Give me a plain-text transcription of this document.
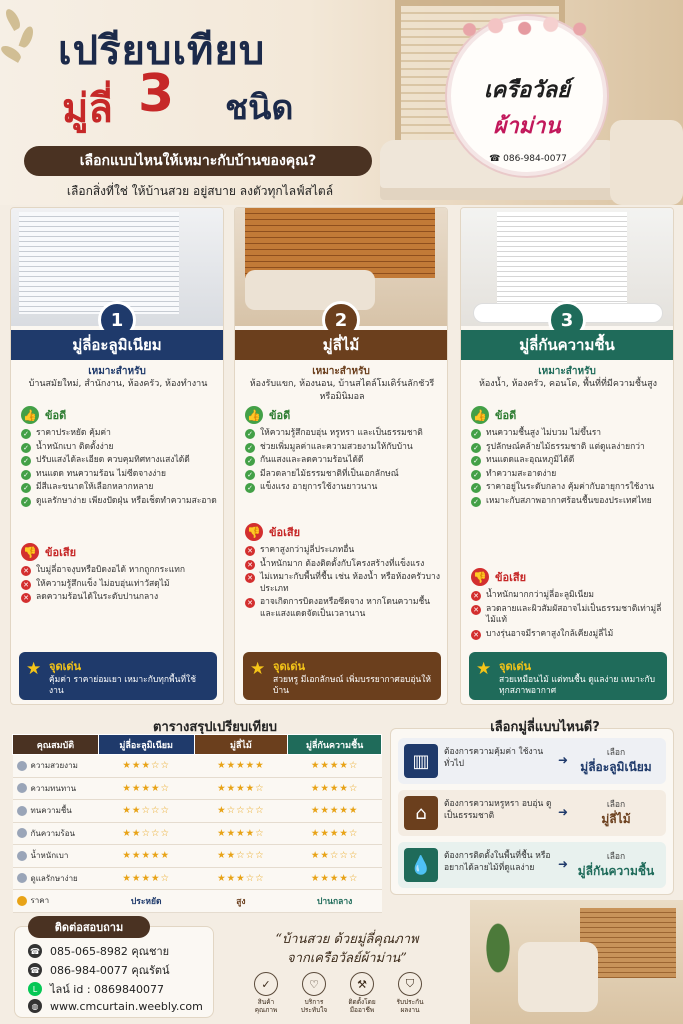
เปรียบเทียบ
มู่ลี่ 3 ชนิด
เลือกแบบไหนให้เหมาะกับบ้านของคุณ?
เลือกสิ่งที่ใช่ ให้บ้านสวย อยู่สบาย ลงตัวทุกไลฟ์สไตล์
เครือวัลย์
ผ้าม่าน
☎ 086-984-0077
1
มู่ลี่อะลูมิเนียม
เหมาะสำหรับ
บ้านสมัยใหม่, สำนักงาน, ห้องครัว, ห้องทำงาน
👍 ข้อดี
✓ ราคาประหยัด คุ้มค่า
✓ น้ำหนักเบา ติดตั้งง่าย
✓ ปรับแสงได้ละเอียด ควบคุมทิศทางแสงได้ดี
✓ ทนแดด ทนความร้อน ไม่ซีดจางง่าย
✓ มีสีและขนาดให้เลือกหลากหลาย
✓ ดูแลรักษาง่าย เพียงปัดฝุ่น หรือเช็ดทำความสะอาด
👎 ข้อเสีย
✕ ใบมู่ลี่อาจงุบหรือบิดงอได้ หากถูกกระแทก
✕ ให้ความรู้สึกแข็ง ไม่อบอุ่นเท่าวัสดุไม้
✕ ลดความร้อนได้ในระดับปานกลาง
★ จุดเด่น
คุ้มค่า ราคาย่อมเยา เหมาะกับทุกพื้นที่ใช้งาน
2
มู่ลี่ไม้
เหมาะสำหรับ
ห้องรับแขก, ห้องนอน, บ้านสไตล์โมเดิร์นลักชัวรี หรือมินิมอล
👍 ข้อดี
✓ ให้ความรู้สึกอบอุ่น หรูหรา และเป็นธรรมชาติ
✓ ช่วยเพิ่มมูลค่าและความสวยงามให้กับบ้าน
✓ กันแสงและลดความร้อนได้ดี
✓ มีลวดลายไม้ธรรมชาติที่เป็นเอกลักษณ์
✓ แข็งแรง อายุการใช้งานยาวนาน
👎 ข้อเสีย
✕ ราคาสูงกว่ามู่ลี่ประเภทอื่น
✕ น้ำหนักมาก ต้องติดตั้งกับโครงสร้างที่แข็งแรง
✕ ไม่เหมาะกับพื้นที่ชื้น เช่น ห้องน้ำ หรือห้องครัวบางประเภท
✕ อาจเกิดการบิดงอหรือซีดจาง หากโดนความชื้นและแสงแดดจัดเป็นเวลานาน
★ จุดเด่น
สวยหรู มีเอกลักษณ์ เพิ่มบรรยากาศอบอุ่นให้บ้าน
3
มู่ลี่กันความชื้น
เหมาะสำหรับ
ห้องน้ำ, ห้องครัว, คอนโด, พื้นที่ที่มีความชื้นสูง
👍 ข้อดี
✓ ทนความชื้นสูง ไม่บวม ไม่ขึ้นรา
✓ รูปลักษณ์คล้ายไม้ธรรมชาติ แต่ดูแลง่ายกว่า
✓ ทนแดดและอุณหภูมิได้ดี
✓ ทำความสะอาดง่าย
✓ ราคาอยู่ในระดับกลาง คุ้มค่ากับอายุการใช้งาน
✓ เหมาะกับสภาพอากาศร้อนชื้นของประเทศไทย
👎 ข้อเสีย
✕ น้ำหนักมากกว่ามู่ลี่อะลูมิเนียม
✕ ลวดลายและผิวสัมผัสอาจไม่เป็นธรรมชาติเท่ามู่ลี่ไม้แท้
✕ บางรุ่นอาจมีราคาสูงใกล้เคียงมู่ลี่ไม้
★ จุดเด่น
สวยเหมือนไม้ แต่ทนชื้น ดูแลง่าย เหมาะกับทุกสภาพอากาศ
ตารางสรุปเปรียบเทียบ
คุณสมบัติ	มู่ลี่อะลูมิเนียม	มู่ลี่ไม้	มู่ลี่กันความชื้น
ความสวยงาม	★★★☆☆	★★★★★	★★★★☆
ความทนทาน	★★★★☆	★★★★☆	★★★★☆
ทนความชื้น	★★☆☆☆	★☆☆☆☆	★★★★★
กันความร้อน	★★☆☆☆	★★★★☆	★★★★☆
น้ำหนักเบา	★★★★★	★★☆☆☆	★★☆☆☆
ดูแลรักษาง่าย	★★★★☆	★★★☆☆	★★★★☆
ราคา	ประหยัด	สูง	ปานกลาง
เลือกมู่ลี่แบบไหนดี?
▥	ต้องการความคุ้มค่า ใช้งานทั่วไป	➜	เลือก
มู่ลี่อะลูมิเนียม
⌂	ต้องการความหรูหรา อบอุ่น ดูเป็นธรรมชาติ	➜	เลือก
มู่ลี่ไม้
💧	ต้องการติดตั้งในพื้นที่ชื้น หรืออยากได้ลายไม้ที่ดูแลง่าย	➜	เลือก
มู่ลี่กันความชื้น
ติดต่อสอบถาม
☎ 085-065-8982 คุณชาย
☎ 086-984-0077 คุณรัตน์
L	ไลน์ id : 0869840077
◍	www.cmcurtain.weebly.com
“บ้านสวย ด้วยมู่ลี่คุณภาพ
จากเครือวัลย์ผ้าม่าน”
✓
สินค้า
คุณภาพ
♡
บริการ
ประทับใจ
⚒
ติดตั้งโดย
มืออาชีพ
⛉
รับประกัน
ผลงาน
